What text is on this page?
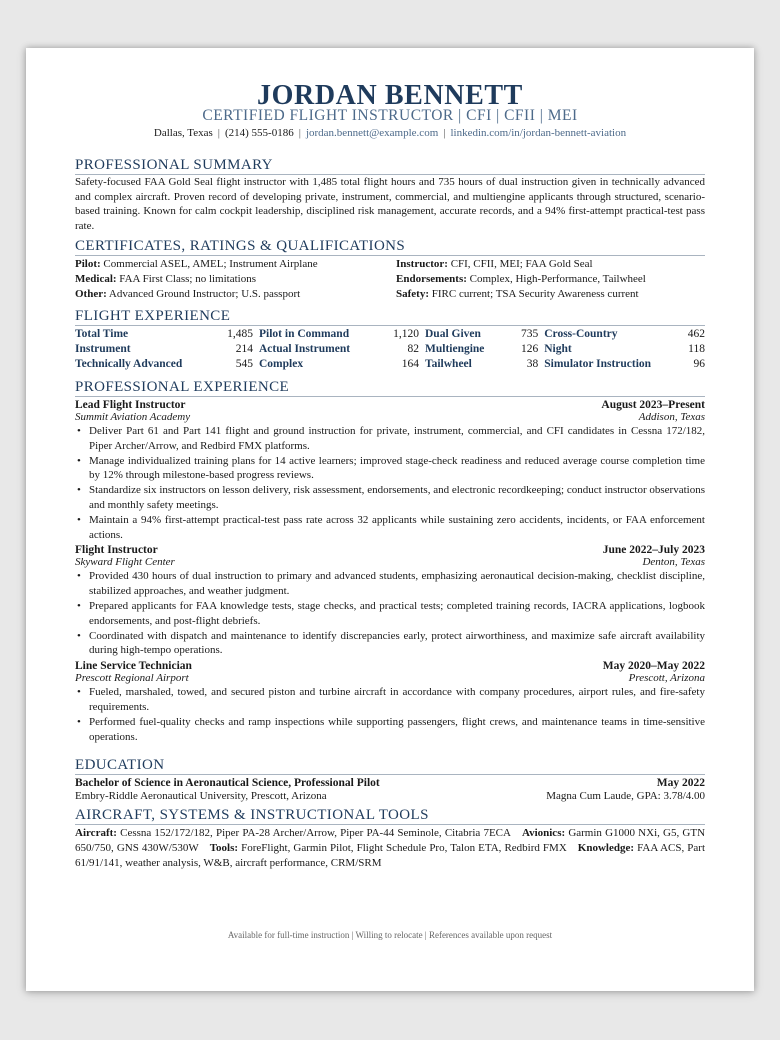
JORDAN BENNETT
CERTIFIED FLIGHT INSTRUCTOR | CFI | CFII | MEI
Dallas, Texas | (214) 555-0186 | jordan.bennett@example.com | linkedin.com/in/jordan-bennett-aviation
PROFESSIONAL SUMMARY
Safety-focused FAA Gold Seal flight instructor with 1,485 total flight hours and 735 hours of dual instruction given in technically advanced and complex aircraft. Proven record of developing private, instrument, commercial, and multiengine applicants through structured, scenario-based training. Known for calm cockpit leadership, disciplined risk management, accurate records, and a 94% first-attempt practical-test pass rate.
CERTIFICATES, RATINGS & QUALIFICATIONS
Pilot: Commercial ASEL, AMEL; Instrument Airplane	Instructor: CFI, CFII, MEI; FAA Gold Seal
Medical: FAA First Class; no limitations	Endorsements: Complex, High-Performance, Tailwheel
Other: Advanced Ground Instructor; U.S. passport	Safety: FIRC current; TSA Security Awareness current
FLIGHT EXPERIENCE
Total Time	1,485	Pilot in Command	1,120	Dual Given	735	Cross-Country	462
Instrument	214	Actual Instrument	82	Multiengine	126	Night	118
Technically Advanced	545	Complex	164	Tailwheel	38	Simulator Instruction	96
PROFESSIONAL EXPERIENCE
Lead Flight Instructor	August 2023–Present
Summit Aviation Academy	Addison, Texas
• Deliver Part 61 and Part 141 flight and ground instruction for private, instrument, commercial, and CFI candidates in Cessna 172/182, Piper Archer/Arrow, and Redbird FMX platforms.
• Manage individualized training plans for 14 active learners; improved stage-check readiness and reduced average course completion time by 12% through milestone-based progress reviews.
• Standardize six instructors on lesson delivery, risk assessment, endorsements, and electronic recordkeeping; conduct instructor observations and monthly safety meetings.
• Maintain a 94% first-attempt practical-test pass rate across 32 applicants while sustaining zero accidents, incidents, or FAA enforcement actions.
Flight Instructor	June 2022–July 2023
Skyward Flight Center	Denton, Texas
• Provided 430 hours of dual instruction to primary and advanced students, emphasizing aeronautical decision-making, checklist discipline, stabilized approaches, and weather judgment.
• Prepared applicants for FAA knowledge tests, stage checks, and practical tests; completed training records, IACRA applications, logbook endorsements, and post-flight debriefs.
• Coordinated with dispatch and maintenance to identify discrepancies early, protect airworthiness, and maximize safe aircraft availability during high-tempo operations.
Line Service Technician	May 2020–May 2022
Prescott Regional Airport	Prescott, Arizona
• Fueled, marshaled, towed, and secured piston and turbine aircraft in accordance with company procedures, airport rules, and fire-safety requirements.
• Performed fuel-quality checks and ramp inspections while supporting passengers, flight crews, and maintenance teams in time-sensitive operations.
EDUCATION
Bachelor of Science in Aeronautical Science, Professional Pilot	May 2022
Embry-Riddle Aeronautical University, Prescott, Arizona	Magna Cum Laude, GPA: 3.78/4.00
AIRCRAFT, SYSTEMS & INSTRUCTIONAL TOOLS
Aircraft: Cessna 152/172/182, Piper PA-28 Archer/Arrow, Piper PA-44 Seminole, Citabria 7ECA Avionics: Garmin G1000 NXi, G5, GTN 650/750, GNS 430W/530W Tools: ForeFlight, Garmin Pilot, Flight Schedule Pro, Talon ETA, Redbird FMX Knowledge: FAA ACS, Part 61/91/141, weather analysis, W&B, aircraft performance, CRM/SRM
Available for full-time instruction | Willing to relocate | References available upon request
